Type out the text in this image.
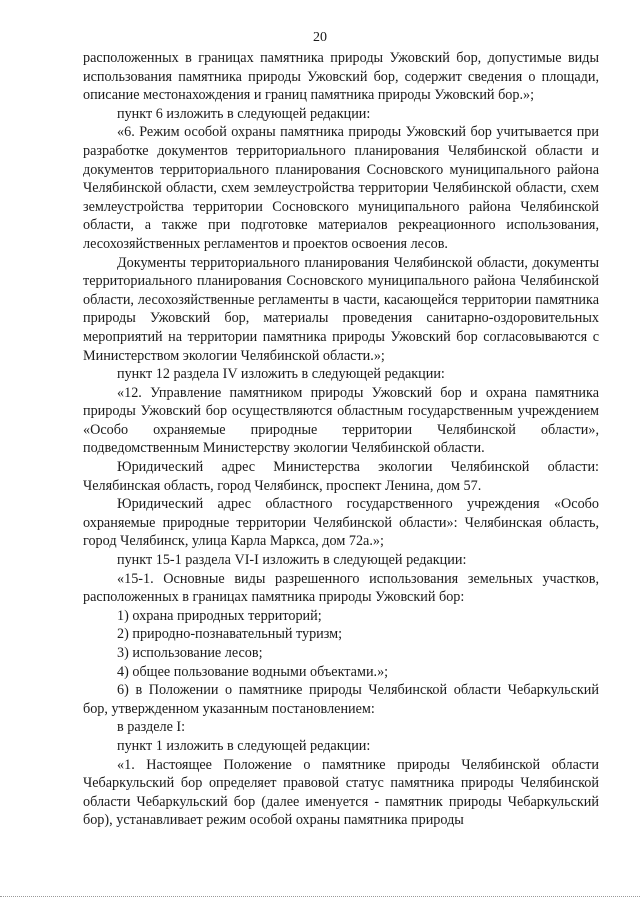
20

расположенных в границах памятника природы Ужовский бор, допустимые виды использования памятника природы Ужовский бор, содержит сведения о площади, описание местонахождения и границ памятника природы Ужовский бор.»;

пункт 6 изложить в следующей редакции:

«6. Режим особой охраны памятника природы Ужовский бор учитывается при разработке документов территориального планирования Челябинской области и документов территориального планирования Сосновского муниципального района Челябинской области, схем землеустройства территории Челябинской области, схем землеустройства территории Сосновского муниципального района Челябинской области, а также при подготовке материалов рекреационного использования, лесохозяйственных регламентов и проектов освоения лесов.

Документы территориального планирования Челябинской области, документы территориального планирования Сосновского муниципального района Челябинской области, лесохозяйственные регламенты в части, касающейся территории памятника природы Ужовский бор, материалы проведения санитарно-оздоровительных мероприятий на территории памятника природы Ужовский бор согласовываются с Министерством экологии Челябинской области.»;

пункт 12 раздела IV изложить в следующей редакции:

«12. Управление памятником природы Ужовский бор и охрана памятника природы Ужовский бор осуществляются областным государственным учреждением «Особо охраняемые природные территории Челябинской области», подведомственным Министерству экологии Челябинской области.

Юридический адрес Министерства экологии Челябинской области: Челябинская область, город Челябинск, проспект Ленина, дом 57.

Юридический адрес областного государственного учреждения «Особо охраняемые природные территории Челябинской области»: Челябинская область, город Челябинск, улица Карла Маркса, дом 72а.»;

пункт 15-1 раздела VI-I изложить в следующей редакции:

«15-1. Основные виды разрешенного использования земельных участков, расположенных в границах памятника природы Ужовский бор:

1) охрана природных территорий;

2) природно-познавательный туризм;

3) использование лесов;

4) общее пользование водными объектами.»;

6) в Положении о памятнике природы Челябинской области Чебаркульский бор, утвержденном указанным постановлением:

в разделе I:

пункт 1 изложить в следующей редакции:

«1. Настоящее Положение о памятнике природы Челябинской области Чебаркульский бор определяет правовой статус памятника природы Челябинской области Чебаркульский бор (далее именуется - памятник природы Чебаркульский бор), устанавливает режим особой охраны памятника природы
